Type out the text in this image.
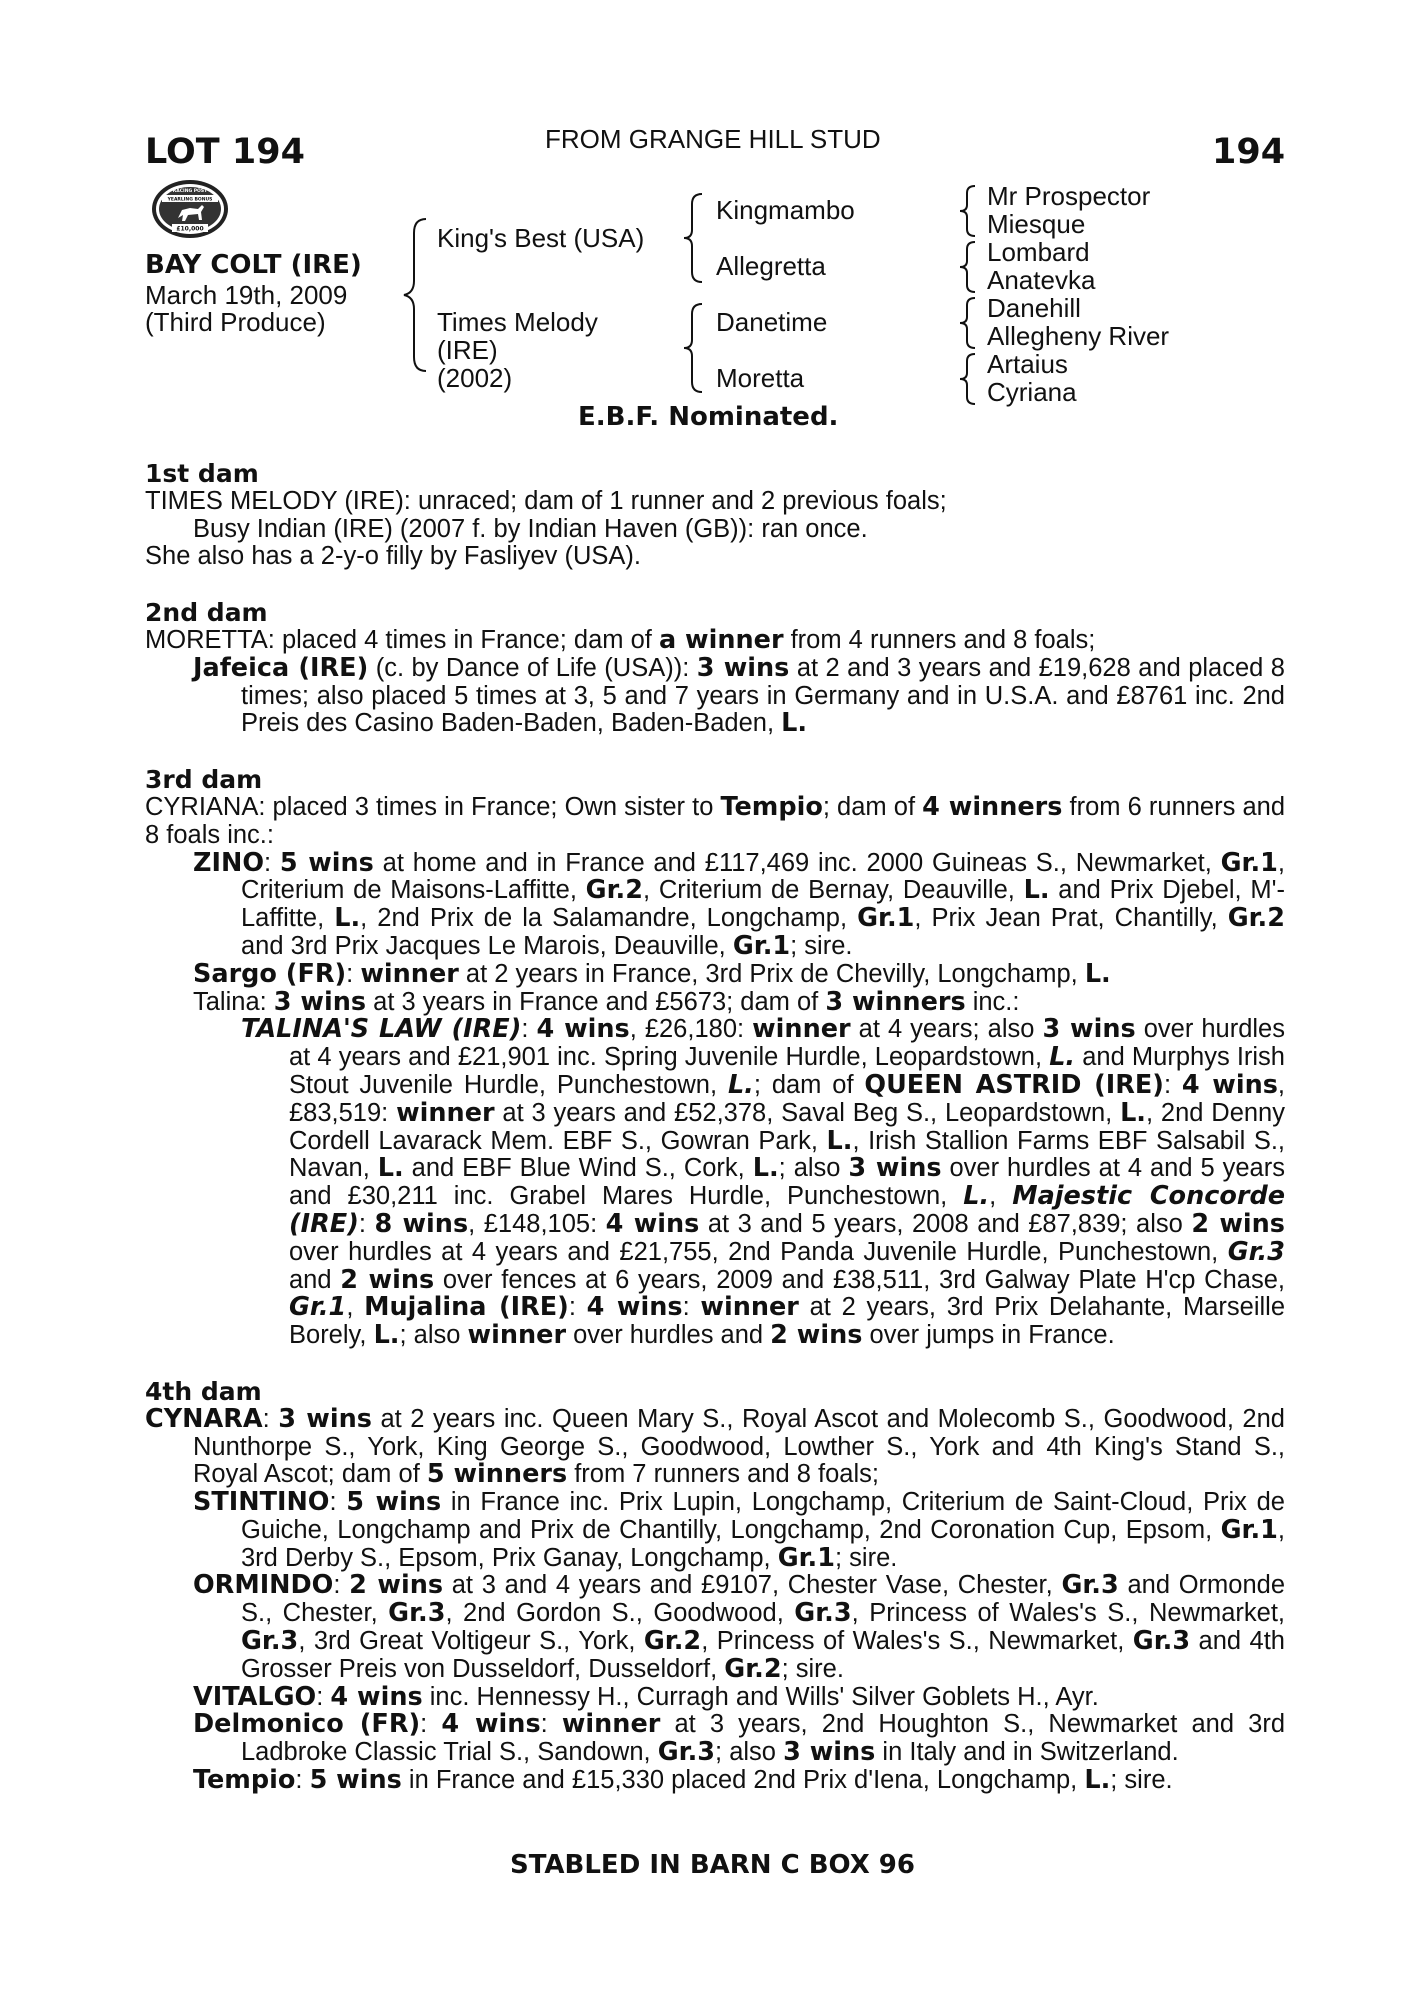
LOT 194	FROM GRANGE HILL STUD	194
RACING POST
YEARLING BONUS
£10,000
BAY COLT (IRE)
March 19th, 2009
(Third Produce)
King's Best (USA)
Times Melody
(IRE)
(2002)
Kingmambo
Allegretta
Danetime
Moretta
Mr Prospector
Miesque
Lombard
Anatevka
Danehill
Allegheny River
Artaius
Cyriana
E.B.F. Nominated.
1st dam
TIMES MELODY (IRE): unraced; dam of 1 runner and 2 previous foals;
Busy Indian (IRE) (2007 f. by Indian Haven (GB)): ran once.
She also has a 2-y-o filly by Fasliyev (USA).
2nd dam
MORETTA: placed 4 times in France; dam of a winner from 4 runners and 8 foals;
Jafeica (IRE) (c. by Dance of Life (USA)): 3 wins at 2 and 3 years and £19,628 and placed 8 times; also placed 5 times at 3, 5 and 7 years in Germany and in U.S.A. and £8761 inc. 2nd Preis des Casino Baden-Baden, Baden-Baden, L.
3rd dam
CYRIANA: placed 3 times in France; Own sister to Tempio; dam of 4 winners from 6 runners and 8 foals inc.:
ZINO: 5 wins at home and in France and £117,469 inc. 2000 Guineas S., Newmarket, Gr.1, Criterium de Maisons-Laffitte, Gr.2, Criterium de Bernay, Deauville, L. and Prix Djebel, M'-Laffitte, L., 2nd Prix de la Salamandre, Longchamp, Gr.1, Prix Jean Prat, Chantilly, Gr.2 and 3rd Prix Jacques Le Marois, Deauville, Gr.1; sire.
Sargo (FR): winner at 2 years in France, 3rd Prix de Chevilly, Longchamp, L.
Talina: 3 wins at 3 years in France and £5673; dam of 3 winners inc.:
TALINA'S LAW (IRE): 4 wins, £26,180: winner at 4 years; also 3 wins over hurdles at 4 years and £21,901 inc. Spring Juvenile Hurdle, Leopardstown, L. and Murphys Irish Stout Juvenile Hurdle, Punchestown, L.; dam of QUEEN ASTRID (IRE): 4 wins, £83,519: winner at 3 years and £52,378, Saval Beg S., Leopardstown, L., 2nd Denny Cordell Lavarack Mem. EBF S., Gowran Park, L., Irish Stallion Farms EBF Salsabil S., Navan, L. and EBF Blue Wind S., Cork, L.; also 3 wins over hurdles at 4 and 5 years and £30,211 inc. Grabel Mares Hurdle, Punchestown, L., Majestic Concorde (IRE): 8 wins, £148,105: 4 wins at 3 and 5 years, 2008 and £87,839; also 2 wins over hurdles at 4 years and £21,755, 2nd Panda Juvenile Hurdle, Punchestown, Gr.3 and 2 wins over fences at 6 years, 2009 and £38,511, 3rd Galway Plate H'cp Chase, Gr.1, Mujalina (IRE): 4 wins: winner at 2 years, 3rd Prix Delahante, Marseille Borely, L.; also winner over hurdles and 2 wins over jumps in France.
4th dam
CYNARA: 3 wins at 2 years inc. Queen Mary S., Royal Ascot and Molecomb S., Goodwood, 2nd Nunthorpe S., York, King George S., Goodwood, Lowther S., York and 4th King's Stand S., Royal Ascot; dam of 5 winners from 7 runners and 8 foals;
STINTINO: 5 wins in France inc. Prix Lupin, Longchamp, Criterium de Saint-Cloud, Prix de Guiche, Longchamp and Prix de Chantilly, Longchamp, 2nd Coronation Cup, Epsom, Gr.1, 3rd Derby S., Epsom, Prix Ganay, Longchamp, Gr.1; sire.
ORMINDO: 2 wins at 3 and 4 years and £9107, Chester Vase, Chester, Gr.3 and Ormonde S., Chester, Gr.3, 2nd Gordon S., Goodwood, Gr.3, Princess of Wales's S., Newmarket, Gr.3, 3rd Great Voltigeur S., York, Gr.2, Princess of Wales's S., Newmarket, Gr.3 and 4th Grosser Preis von Dusseldorf, Dusseldorf, Gr.2; sire.
VITALGO: 4 wins inc. Hennessy H., Curragh and Wills' Silver Goblets H., Ayr.
Delmonico (FR): 4 wins: winner at 3 years, 2nd Houghton S., Newmarket and 3rd Ladbroke Classic Trial S., Sandown, Gr.3; also 3 wins in Italy and in Switzerland.
Tempio: 5 wins in France and £15,330 placed 2nd Prix d'Iena, Longchamp, L.; sire.
STABLED IN BARN C BOX 96
